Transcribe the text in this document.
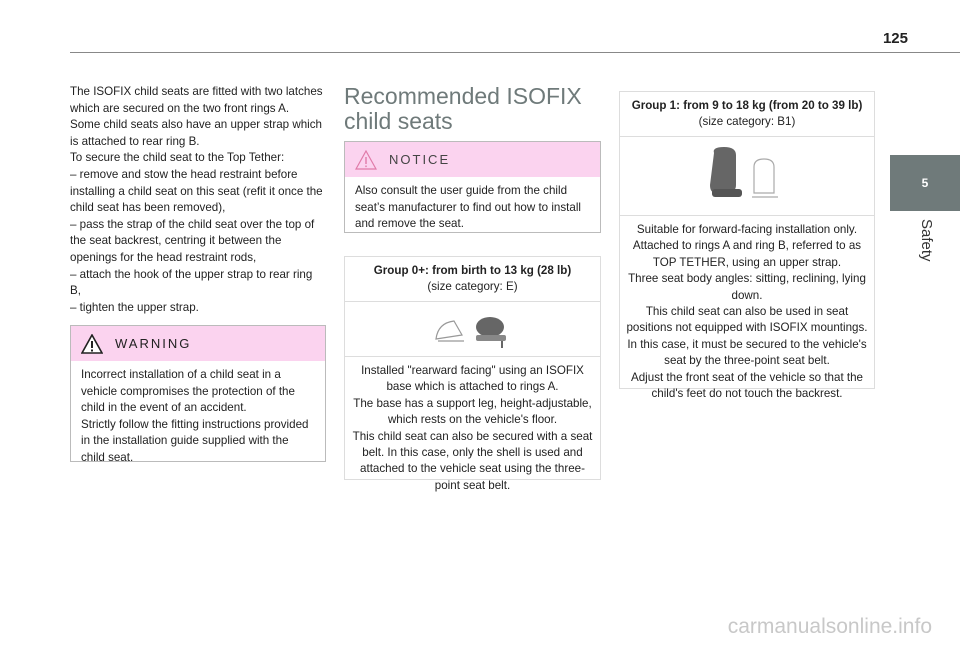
125
5
Safety

The ISOFIX child seats are fitted with two latches which are secured on the two front rings A.

Some child seats also have an upper strap which is attached to rear ring B.

To secure the child seat to the Top Tether:

– remove and stow the head restraint before installing a child seat on this seat (refit it once the child seat has been removed),

– pass the strap of the child seat over the top of the seat backrest, centring it between the openings for the head restraint rods,

– attach the hook of the upper strap to rear ring B,

– tighten the upper strap.

WARNING
Incorrect installation of a child seat in a vehicle compromises the protection of the child in the event of an accident.
Strictly follow the fitting instructions provided in the installation guide supplied with the child seat.
Recommended ISOFIX child seats
NOTICE
Also consult the user guide from the child seat’s manufacturer to find out how to install and remove the seat.
Group 0+: from birth to 13 kg (28 lb)
(size category: E)
Installed "rearward facing" using an ISOFIX base which is attached to rings A.
The base has a support leg, height-adjustable, which rests on the vehicle's floor.
This child seat can also be secured with a seat belt. In this case, only the shell is used and attached to the vehicle seat using the three-point seat belt.
Group 1: from 9 to 18 kg (from 20 to 39 lb)
(size category: B1)
Suitable for forward-facing installation only.
Attached to rings A and ring B, referred to as TOP TETHER, using an upper strap.
Three seat body angles: sitting, reclining, lying down.
This child seat can also be used in seat positions not equipped with ISOFIX mountings. In this case, it must be secured to the vehicle's seat by the three-point seat belt.
Adjust the front seat of the vehicle so that the child's feet do not touch the backrest.
carmanualsonline.info
